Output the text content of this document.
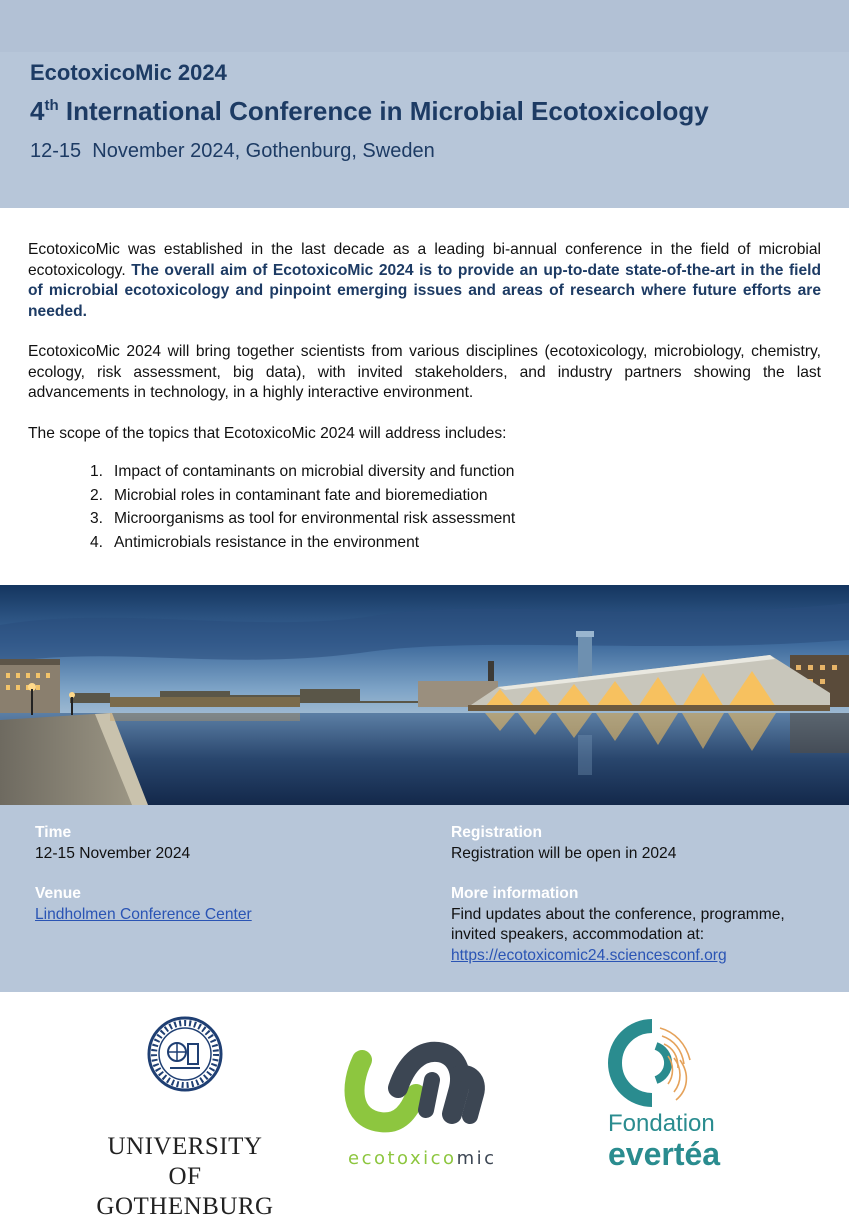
EcotoxicoMic 2024
4th International Conference in Microbial Ecotoxicology
12-15  November 2024, Gothenburg, Sweden

EcotoxicoMic was established in the last decade as a leading bi-annual conference in the field of microbial ecotoxicology. The overall aim of EcotoxicoMic 2024 is to provide an up-to-date state-of-the-art in the field of microbial ecotoxicology and pinpoint emerging issues and areas of research where future efforts are needed.

EcotoxicoMic 2024 will bring together scientists from various disciplines (ecotoxicology, microbiology, chemistry, ecology, risk assessment, big data), with invited stakeholders, and industry partners showing the last advancements in technology, in a highly interactive environment.

The scope of the topics that EcotoxicoMic 2024 will address includes:

1. Impact of contaminants on microbial diversity and function
2. Microbial roles in contaminant fate and bioremediation
3. Microorganisms as tool for environmental risk assessment
4. Antimicrobials resistance in the environment
Time
12-15 November 2024
Venue
Lindholmen Conference Center
Registration
Registration will be open in 2024
More information
Find updates about the conference, programme,
invited speakers, accommodation at:
https://ecotoxicomic24.sciencesconf.org
UNIVERSITY OF
GOTHENBURG
ecotoxicomic
Fondation
evertéa
